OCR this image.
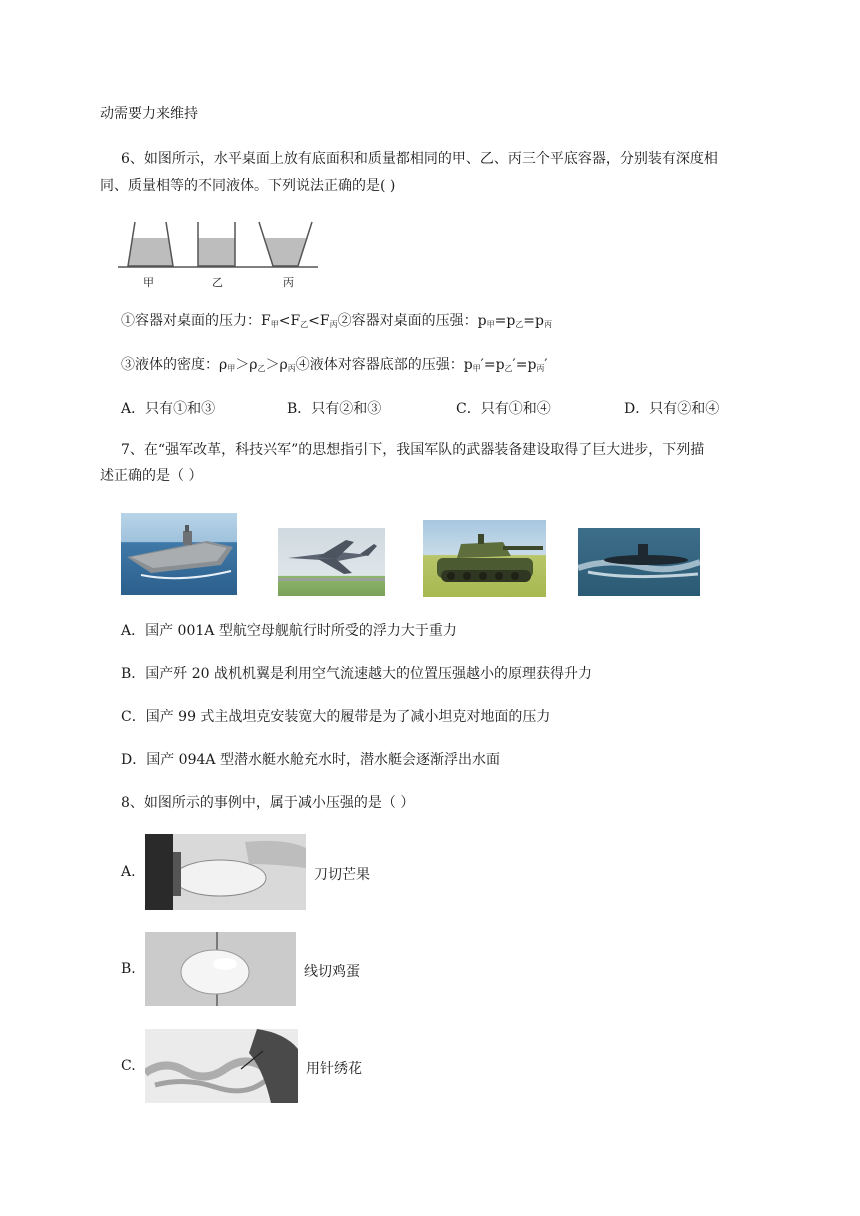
动需要力来维持
6、如图所示，水平桌面上放有底面积和质量都相同的甲、乙、丙三个平底容器，分别装有深度相
同、质量相等的不同液体。下列说法正确的是( )
甲	乙	丙
①容器对桌面的压力：$F_甲<F_乙<F_丙②$容器对桌面的压强：$p_甲=p_乙=p_丙$
③液体的密度：$\rho_甲>\rho_乙>\rho_丙④$液体对容器底部的压强：$p_甲'=p_乙'=p_丙'$
A．只有①和③	B．只有②和③	C．只有①和④	D．只有②和④
7、在“强军改革，科技兴军”的思想指引下，我国军队的武器装备建设取得了巨大进步，下列描
述正确的是（ ）
A．国产 001A 型航空母舰航行时所受的浮力大于重力
B．国产歼 20 战机机翼是利用空气流速越大的位置压强越小的原理获得升力
C．国产 99 式主战坦克安装宽大的履带是为了减小坦克对地面的压力
D．国产 094A 型潜水艇水舱充水时，潜水艇会逐渐浮出水面
8、如图所示的事例中，属于减小压强的是（ ）
A.	刀切芒果
B.	线切鸡蛋
C.	用针绣花
